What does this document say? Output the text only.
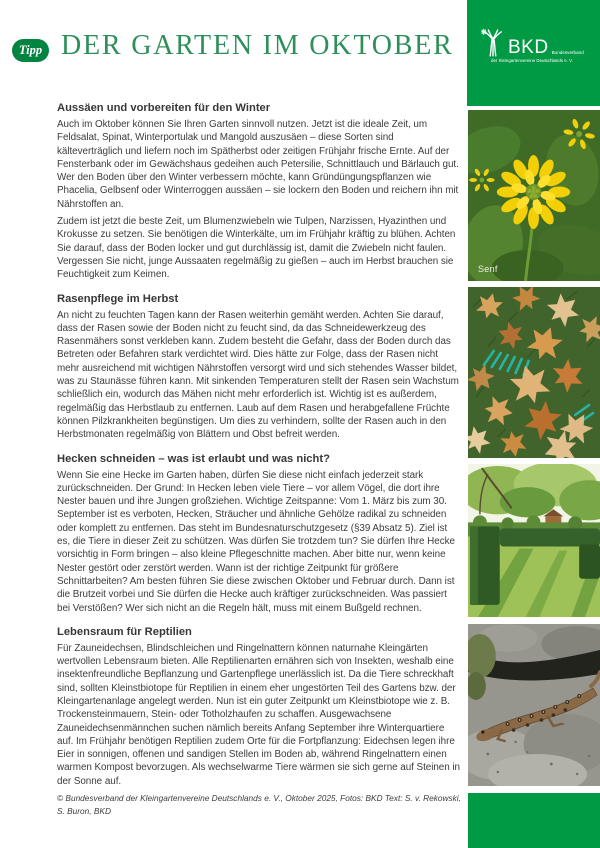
Tipp DER GARTEN IM OKTOBER
Aussäen und vorbereiten für den Winter

Auch im Oktober können Sie Ihren Garten sinnvoll nutzen. Jetzt ist die ideale Zeit, um Feldsalat, Spinat, Winterportulak und Mangold auszusäen – diese Sorten sind kälteverträglich und liefern noch im Spätherbst oder zeitigen Frühjahr frische Ernte. Auf der Fensterbank oder im Gewächshaus gedeihen auch Petersilie, Schnittlauch und Bärlauch gut. Wer den Boden über den Winter verbessern möchte, kann Gründüngungspflanzen wie Phacelia, Gelbsenf oder Winterroggen aussäen – sie lockern den Boden und reichern ihn mit Nährstoffen an.

Zudem ist jetzt die beste Zeit, um Blumenzwiebeln wie Tulpen, Narzissen, Hyazinthen und Krokusse zu setzen. Sie benötigen die Winterkälte, um im Frühjahr kräftig zu blühen. Achten Sie darauf, dass der Boden locker und gut durchlässig ist, damit die Zwiebeln nicht faulen. Vergessen Sie nicht, junge Aussaaten regelmäßig zu gießen – auch im Herbst brauchen sie Feuchtigkeit zum Keimen.

Rasenpflege im Herbst

An nicht zu feuchten Tagen kann der Rasen weiterhin gemäht werden. Achten Sie darauf, dass der Rasen sowie der Boden nicht zu feucht sind, da das Schneidewerkzeug des Rasenmähers sonst verkleben kann. Zudem besteht die Gefahr, dass der Boden durch das Betreten oder Befahren stark verdichtet wird. Dies hätte zur Folge, dass der Rasen nicht mehr ausreichend mit wichtigen Nährstoffen versorgt wird und sich stehendes Wasser bildet, was zu Staunässe führen kann. Mit sinkenden Temperaturen stellt der Rasen sein Wachstum schließlich ein, wodurch das Mähen nicht mehr erforderlich ist. Wichtig ist es außerdem, regelmäßig das Herbstlaub zu entfernen. Laub auf dem Rasen und herabgefallene Früchte können Pilzkrankheiten begünstigen. Um dies zu verhindern, sollte der Rasen auch in den Herbstmonaten regelmäßig von Blättern und Obst befreit werden.

Hecken schneiden – was ist erlaubt und was nicht?

Wenn Sie eine Hecke im Garten haben, dürfen Sie diese nicht einfach jederzeit stark zurückschneiden. Der Grund: In Hecken leben viele Tiere – vor allem Vögel, die dort ihre Nester bauen und ihre Jungen großziehen. Wichtige Zeitspanne: Vom 1. März bis zum 30. September ist es verboten, Hecken, Sträucher und ähnliche Gehölze radikal zu schneiden oder komplett zu entfernen. Das steht im Bundesnaturschutzgesetz (§39 Absatz 5). Ziel ist es, die Tiere in dieser Zeit zu schützen. Was dürfen Sie trotzdem tun? Sie dürfen Ihre Hecke vorsichtig in Form bringen – also kleine Pflegeschnitte machen. Aber bitte nur, wenn keine Nester gestört oder zerstört werden. Wann ist der richtige Zeitpunkt für größere Schnittarbeiten? Am besten führen Sie diese zwischen Oktober und Februar durch. Dann ist die Brutzeit vorbei und Sie dürfen die Hecke auch kräftiger zurückschneiden. Was passiert bei Verstößen? Wer sich nicht an die Regeln hält, muss mit einem Bußgeld rechnen.

Lebensraum für Reptilien

Für Zauneidechsen, Blindschleichen und Ringelnattern können naturnahe Kleingärten wertvollen Lebensraum bieten. Alle Reptilienarten ernähren sich von Insekten, weshalb eine insektenfreundliche Bepflanzung und Gartenpflege unerlässlich ist. Da die Tiere schreckhaft sind, sollten Kleinstbiotope für Reptilien in einem eher ungestörten Teil des Gartens bzw. der Kleingartenanlage angelegt werden. Nun ist ein guter Zeitpunkt um Kleinstbiotope wie z. B. Trockensteinmauern, Stein- oder Totholzhaufen zu schaffen. Ausgewachsene Zauneidechsenmännchen suchen nämlich bereits Anfang September ihre Winterquartiere auf. Im Frühjahr benötigen Reptilien zudem Orte für die Fortpflanzung: Eidechsen legen ihre Eier in sonnigen, offenen und sandigen Stellen im Boden ab, während Ringelnattern einen warmen Kompost bevorzugen. Als wechselwarme Tiere wärmen sie sich gerne auf Steinen in der Sonne auf.

© Bundesverband der Kleingartenvereine Deutschlands e. V., Oktober 2025, Fotos: BKD Text: S. v. Rekowski, S. Buron, BKD

BKD Bundesverband
der Kleingartenvereine Deutschlands e. V.
Senf
